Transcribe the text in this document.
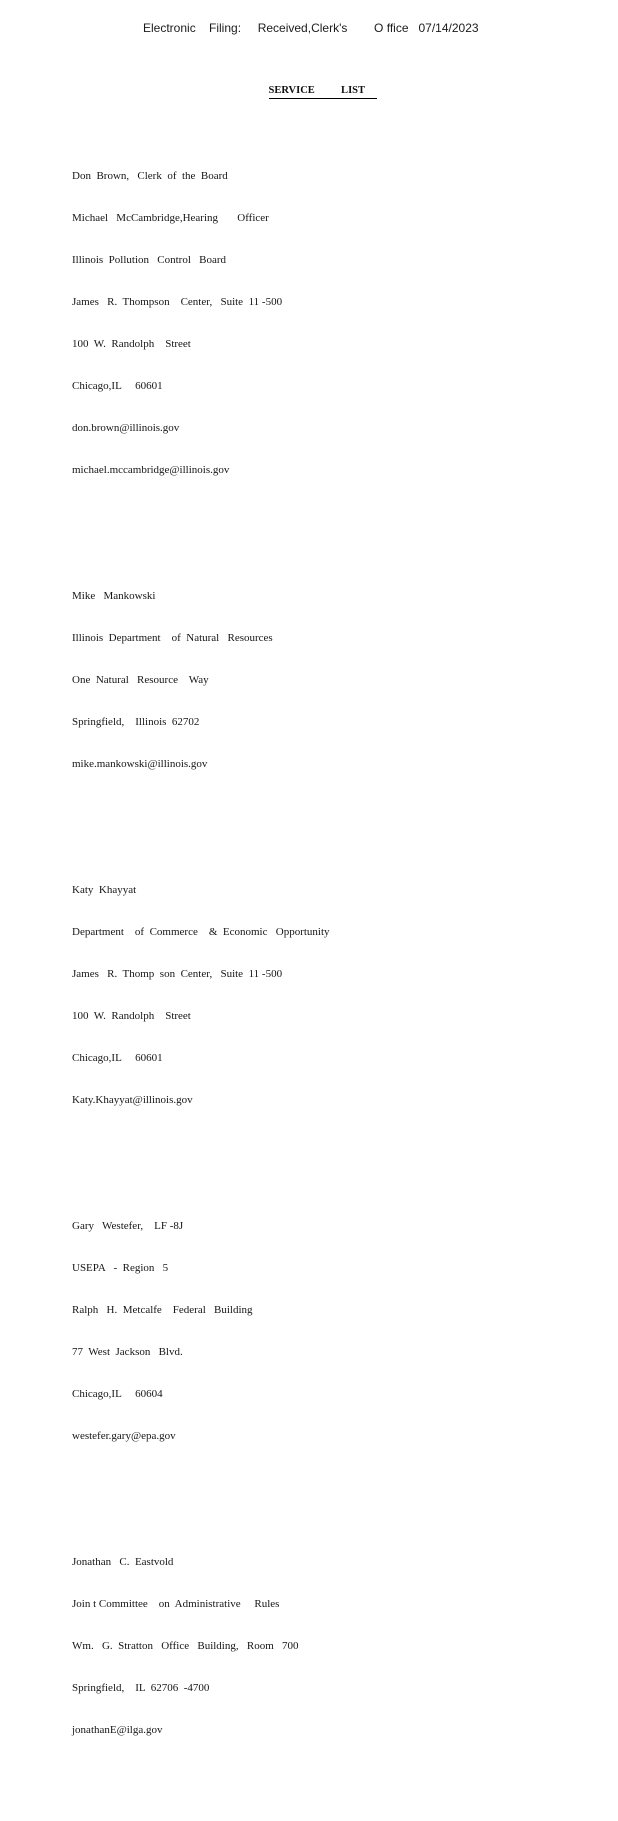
Electronic    Filing:     Received,Clerk's        O ffice   07/14/2023

SERVICE          LIST

Don  Brown,   Clerk  of  the  Board

Michael   McCambridge,Hearing       Officer

Illinois  Pollution   Control   Board

James   R.  Thompson    Center,   Suite  11 -500

100  W.  Randolph    Street

Chicago,IL     60601

don.brown@illinois.gov

michael.mccambridge@illinois.gov

Mike   Mankowski

Illinois  Department    of  Natural   Resources

One  Natural   Resource    Way

Springfield,    Illinois  62702

mike.mankowski@illinois.gov

Katy  Khayyat

Department    of  Commerce    &  Economic   Opportunity

James   R.  Thomp  son  Center,   Suite  11 -500

100  W.  Randolph    Street

Chicago,IL     60601

Katy.Khayyat@illinois.gov

Gary   Westefer,    LF -8J

USEPA   -  Region   5

Ralph   H.  Metcalfe    Federal   Building

77  West  Jackson   Blvd.

Chicago,IL     60604

westefer.gary@epa.gov

Jonathan   C.  Eastvold

Join t Committee    on  Administrative     Rules

Wm.   G.  Stratton   Office   Building,   Room   700

Springfield,    IL  62706  -4700

jonathanE@ilga.gov
